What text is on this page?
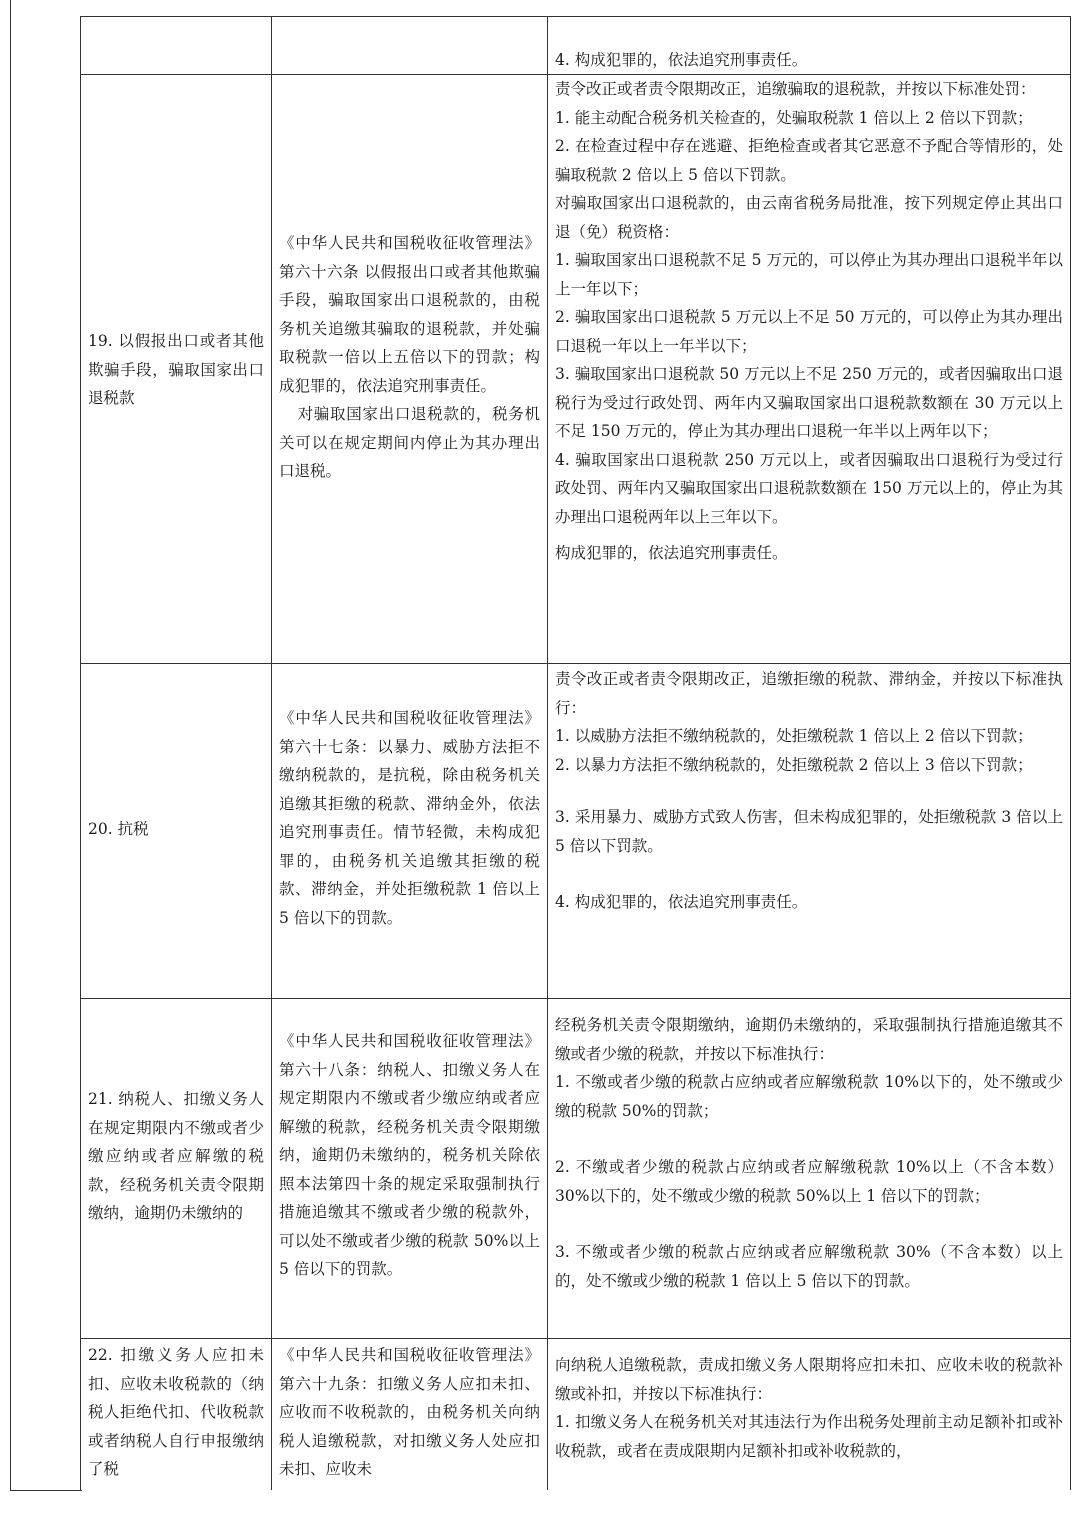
4. 构成犯罪的，依法追究刑事责任。

19. 以假报出口或者其他欺骗手段，骗取国家出口退税款

《中华人民共和国税收征收管理法》第六十六条 以假报出口或者其他欺骗手段，骗取国家出口退税款的，由税务机关追缴其骗取的退税款，并处骗取税款一倍以上五倍以下的罚款；构成犯罪的，依法追究刑事责任。

对骗取国家出口退税款的，税务机关可以在规定期间内停止为其办理出口退税。

责令改正或者责令限期改正，追缴骗取的退税款，并按以下标准处罚：

1. 能主动配合税务机关检查的，处骗取税款 1 倍以上 2 倍以下罚款；

2. 在检查过程中存在逃避、拒绝检查或者其它恶意不予配合等情形的，处骗取税款 2 倍以上 5 倍以下罚款。

对骗取国家出口退税款的，由云南省税务局批准，按下列规定停止其出口退（免）税资格：

1. 骗取国家出口退税款不足 5 万元的，可以停止为其办理出口退税半年以上一年以下；

2. 骗取国家出口退税款 5 万元以上不足 50 万元的，可以停止为其办理出口退税一年以上一年半以下；

3. 骗取国家出口退税款 50 万元以上不足 250 万元的，或者因骗取出口退税行为受过行政处罚、两年内又骗取国家出口退税款数额在 30 万元以上不足 150 万元的，停止为其办理出口退税一年半以上两年以下；

4. 骗取国家出口退税款 250 万元以上，或者因骗取出口退税行为受过行政处罚、两年内又骗取国家出口退税款数额在 150 万元以上的，停止为其办理出口退税两年以上三年以下。

构成犯罪的，依法追究刑事责任。

20. 抗税

《中华人民共和国税收征收管理法》第六十七条：以暴力、威胁方法拒不缴纳税款的，是抗税，除由税务机关追缴其拒缴的税款、滞纳金外，依法追究刑事责任。情节轻微，未构成犯罪的，由税务机关追缴其拒缴的税款、滞纳金，并处拒缴税款 1 倍以上 5 倍以下的罚款。

责令改正或者责令限期改正，追缴拒缴的税款、滞纳金，并按以下标准执行：

1. 以威胁方法拒不缴纳税款的，处拒缴税款 1 倍以上 2 倍以下罚款；

2. 以暴力方法拒不缴纳税款的，处拒缴税款 2 倍以上 3 倍以下罚款；

3. 采用暴力、威胁方式致人伤害，但未构成犯罪的，处拒缴税款 3 倍以上 5 倍以下罚款。

4. 构成犯罪的，依法追究刑事责任。

21. 纳税人、扣缴义务人在规定期限内不缴或者少缴应纳或者应解缴的税款，经税务机关责令限期缴纳，逾期仍未缴纳的

《中华人民共和国税收征收管理法》第六十八条：纳税人、扣缴义务人在规定期限内不缴或者少缴应纳或者应解缴的税款，经税务机关责令限期缴纳，逾期仍未缴纳的，税务机关除依照本法第四十条的规定采取强制执行措施追缴其不缴或者少缴的税款外，可以处不缴或者少缴的税款 50%以上 5 倍以下的罚款。

经税务机关责令限期缴纳，逾期仍未缴纳的，采取强制执行措施追缴其不缴或者少缴的税款，并按以下标准执行：

1. 不缴或者少缴的税款占应纳或者应解缴税款 10%以下的，处不缴或少缴的税款 50%的罚款；

2. 不缴或者少缴的税款占应纳或者应解缴税款 10%以上（不含本数）30%以下的，处不缴或少缴的税款 50%以上 1 倍以下的罚款；

3. 不缴或者少缴的税款占应纳或者应解缴税款 30%（不含本数）以上的，处不缴或少缴的税款 1 倍以上 5 倍以下的罚款。

22. 扣缴义务人应扣未扣、应收未收税款的（纳税人拒绝代扣、代收税款或者纳税人自行申报缴纳了税

《中华人民共和国税收征收管理法》第六十九条：扣缴义务人应扣未扣、应收而不收税款的，由税务机关向纳税人追缴税款，对扣缴义务人处应扣未扣、应收未

向纳税人追缴税款，责成扣缴义务人限期将应扣未扣、应收未收的税款补缴或补扣，并按以下标准执行：

1. 扣缴义务人在税务机关对其违法行为作出税务处理前主动足额补扣或补收税款，或者在责成限期内足额补扣或补收税款的，
